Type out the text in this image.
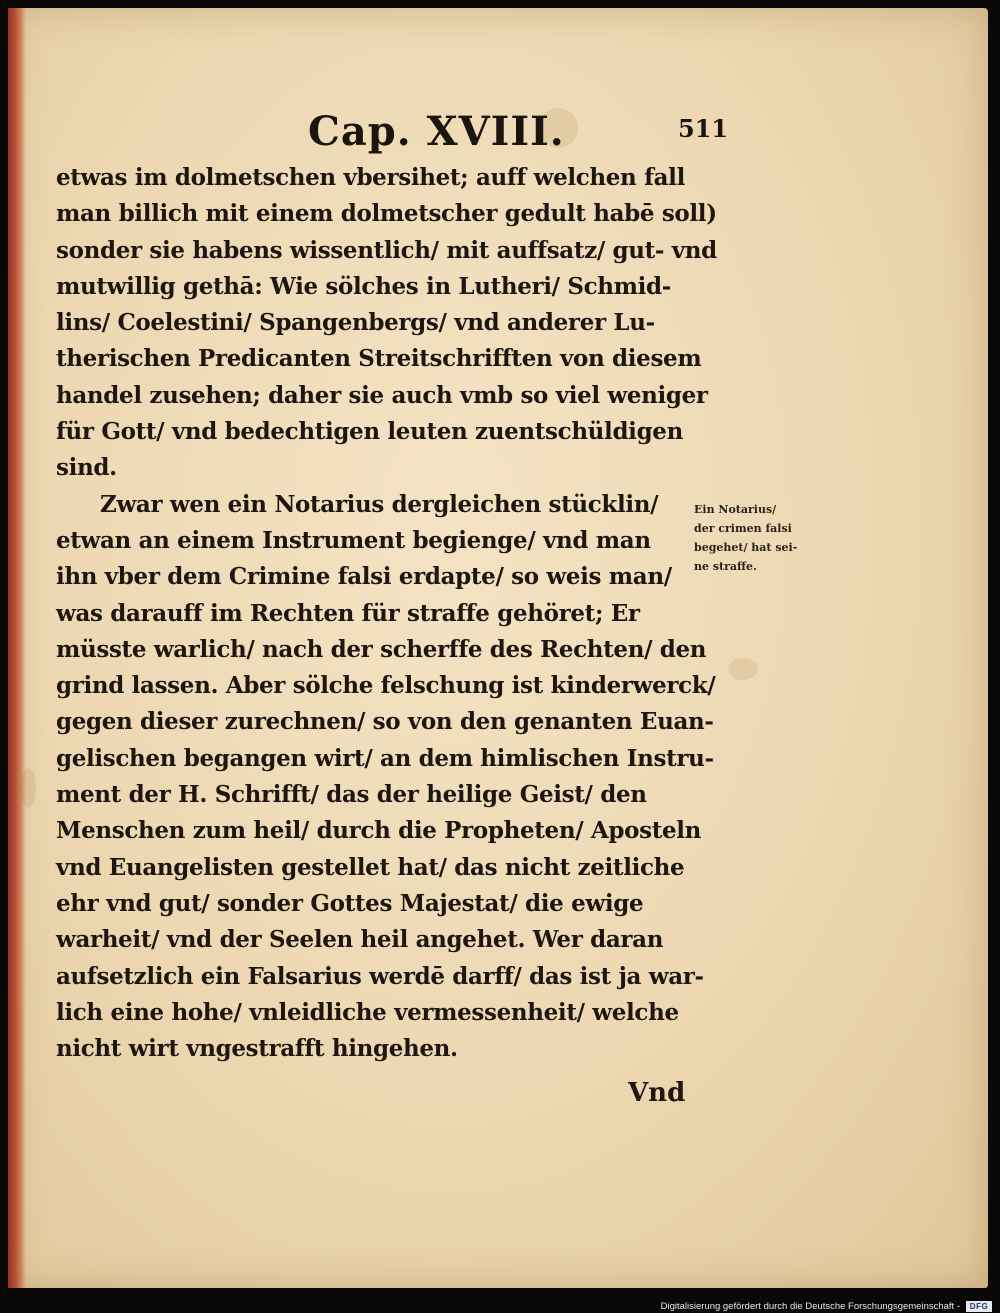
Cap. XVIII.	511
etwas im dolmetschen vbersihet; auff welchen fall
man billich mit einem dolmetscher gedult habē soll)
sonder sie habens wissentlich/ mit auffsatz/ gut- vnd
mutwillig gethā: Wie sölches in Lutheri/ Schmid-
lins/ Coelestini/ Spangenbergs/ vnd anderer Lu-
therischen Predicanten Streitschrifften von diesem
handel zusehen; daher sie auch vmb so viel weniger
für Gott/ vnd bedechtigen leuten zuentschüldigen
sind.
Zwar wen ein Notarius dergleichen stücklin/
etwan an einem Instrument begienge/ vnd man
ihn vber dem Crimine falsi erdapte/ so weis man/
was darauff im Rechten für straffe gehöret; Er
müsste warlich/ nach der scherffe des Rechten/ den
grind lassen. Aber sölche felschung ist kinderwerck/
gegen dieser zurechnen/ so von den genanten Euan-
gelischen begangen wirt/ an dem himlischen Instru-
ment der H. Schrifft/ das der heilige Geist/ den
Menschen zum heil/ durch die Propheten/ Aposteln
vnd Euangelisten gestellet hat/ das nicht zeitliche
ehr vnd gut/ sonder Gottes Majestat/ die ewige
warheit/ vnd der Seelen heil angehet. Wer daran
aufsetzlich ein Falsarius werdē darff/ das ist ja war-
lich eine hohe/ vnleidliche vermessenheit/ welche
nicht wirt vngestrafft hingehen.
Vnd
Ein Notarius/
der crimen falsi
begehet/ hat sei-
ne straffe.
Digitalisierung gefördert durch die Deutsche Forschungsgemeinschaft -	DFG
